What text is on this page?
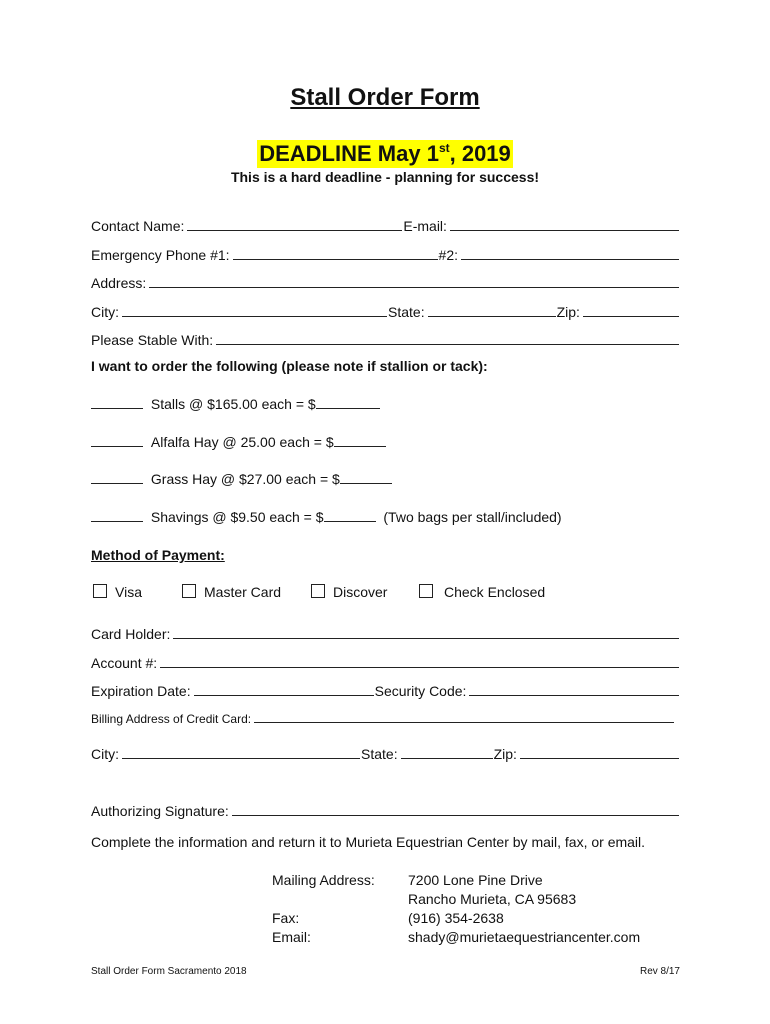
Stall Order Form
DEADLINE May 1st, 2019
This is a hard deadline - planning for success!
Contact Name:	E-mail:
Emergency Phone #1:	#2:
Address:
City:	State:	Zip:
Please Stable With:
I want to order the following (please note if stallion or tack):
Stalls @ $165.00 each = $
Alfalfa Hay @ 25.00 each = $
Grass Hay @ $27.00 each = $
Shavings @ $9.50 each = $	(Two bags per stall/included)
Method of Payment:
Visa	Master Card	Discover	Check Enclosed
Card Holder:
Account #:
Expiration Date:	Security Code:
Billing Address of Credit Card:
City:	State:	Zip:
Authorizing Signature:
Complete the information and return it to Murieta Equestrian Center by mail, fax, or email.
Mailing Address: 7200 Lone Pine Drive
Rancho Murieta, CA 95683
Fax:	(916) 354-2638
Email:	shady@murietaequestriancenter.com
Stall Order Form Sacramento 2018	Rev 8/17
